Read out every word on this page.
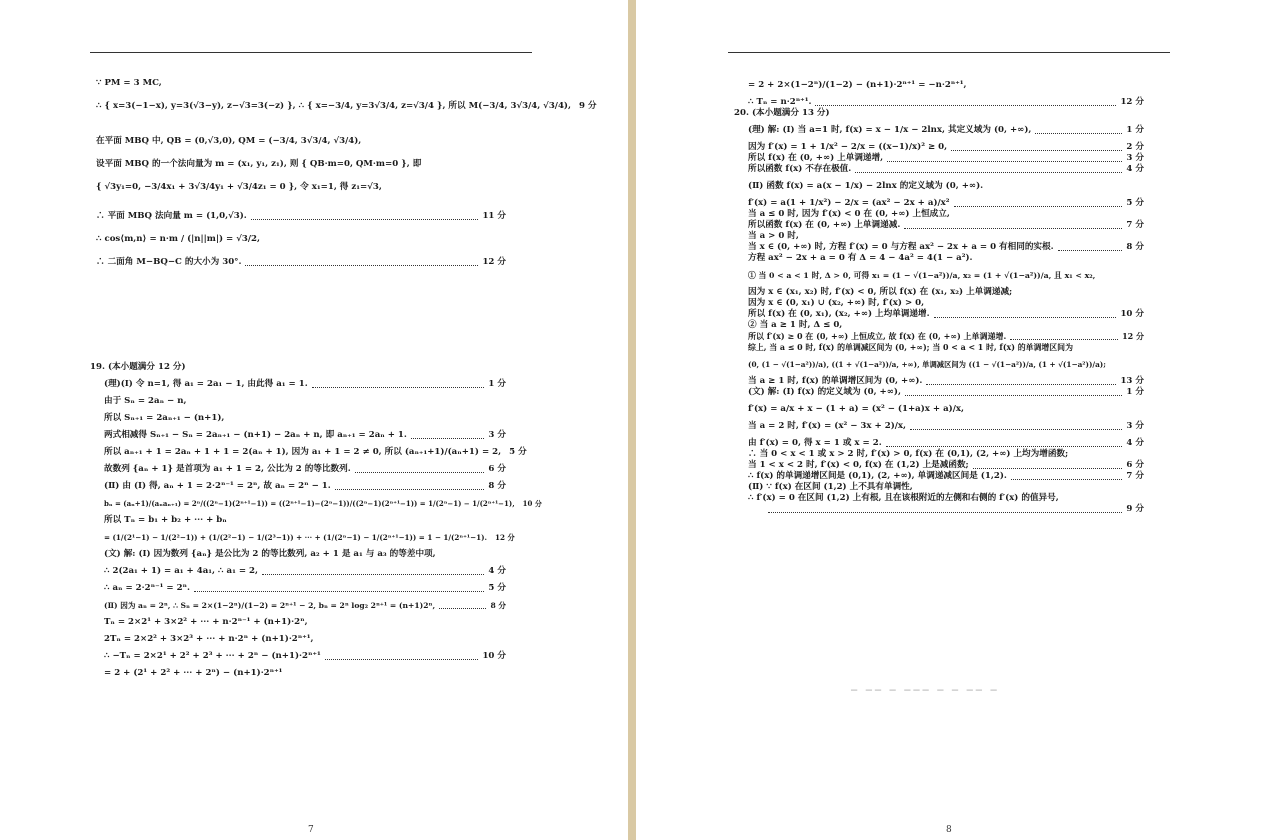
∵ PM = 3 MC,
∴ { x=3(−1−x), y=3(√3−y), z−√3=3(−z) }, ∴ { x=−3/4, y=3√3/4, z=√3/4 }, 所以 M(−3/4, 3√3/4, √3/4), 9 分
在平面 MBQ 中, QB = (0,√3,0), QM = (−3/4, 3√3/4, √3/4),
设平面 MBQ 的一个法向量为 m = (x₁, y₁, z₁), 则 { QB·m=0, QM·m=0 }, 即
{ √3y₁=0, −3/4x₁ + 3√3/4y₁ + √3/4z₁ = 0 }, 令 x₁=1, 得 z₁=√3,
∴ 平面 MBQ 法向量 m = (1,0,√3).	11 分
∴ cos⟨m,n⟩ = n·m / (|n||m|) = √3/2,
∴ 二面角 M−BQ−C 的大小为 30°.	12 分
19. (本小题满分 12 分)
(理)(Ⅰ) 令 n=1, 得 a₁ = 2a₁ − 1, 由此得 a₁ = 1.	1 分
由于 Sₙ = 2aₙ − n,
所以 Sₙ₊₁ = 2aₙ₊₁ − (n+1),
两式相减得 Sₙ₊₁ − Sₙ = 2aₙ₊₁ − (n+1) − 2aₙ + n, 即 aₙ₊₁ = 2aₙ + 1.	3 分
所以 aₙ₊₁ + 1 = 2aₙ + 1 + 1 = 2(aₙ + 1), 因为 a₁ + 1 = 2 ≠ 0, 所以 (aₙ₊₁+1)/(aₙ+1) = 2, 5 分
故数列 {aₙ + 1} 是首项为 a₁ + 1 = 2, 公比为 2 的等比数列.	6 分
(Ⅱ) 由 (Ⅰ) 得, aₙ + 1 = 2·2ⁿ⁻¹ = 2ⁿ, 故 aₙ = 2ⁿ − 1.	8 分
bₙ = (aₙ+1)/(aₙaₙ₊₁) = 2ⁿ/((2ⁿ−1)(2ⁿ⁺¹−1)) = ((2ⁿ⁺¹−1)−(2ⁿ−1))/((2ⁿ−1)(2ⁿ⁺¹−1)) = 1/(2ⁿ−1) − 1/(2ⁿ⁺¹−1), 10 分
所以 Tₙ = b₁ + b₂ + ··· + bₙ
= (1/(2¹−1) − 1/(2²−1)) + (1/(2²−1) − 1/(2³−1)) + ··· + (1/(2ⁿ−1) − 1/(2ⁿ⁺¹−1)) = 1 − 1/(2ⁿ⁺¹−1). 12 分
(文) 解: (Ⅰ) 因为数列 {aₙ} 是公比为 2 的等比数列, a₂ + 1 是 a₁ 与 a₃ 的等差中项,
∴ 2(2a₁ + 1) = a₁ + 4a₁, ∴ a₁ = 2,	4 分
∴ aₙ = 2·2ⁿ⁻¹ = 2ⁿ.	5 分
(Ⅱ) 因为 aₙ = 2ⁿ, ∴ Sₙ = 2×(1−2ⁿ)/(1−2) = 2ⁿ⁺¹ − 2, bₙ = 2ⁿ log₂ 2ⁿ⁺¹ = (n+1)2ⁿ,	8 分
Tₙ = 2×2¹ + 3×2² + ··· + n·2ⁿ⁻¹ + (n+1)·2ⁿ,
2Tₙ = 2×2² + 3×2³ + ··· + n·2ⁿ + (n+1)·2ⁿ⁺¹,
∴ −Tₙ = 2×2¹ + 2² + 2³ + ··· + 2ⁿ − (n+1)·2ⁿ⁺¹	10 分
= 2 + (2¹ + 2² + ··· + 2ⁿ) − (n+1)·2ⁿ⁺¹
7
= 2 + 2×(1−2ⁿ)/(1−2) − (n+1)·2ⁿ⁺¹ = −n·2ⁿ⁺¹,
∴ Tₙ = n·2ⁿ⁺¹.	12 分
20. (本小题满分 13 分)
(理) 解: (Ⅰ) 当 a=1 时, f(x) = x − 1/x − 2lnx, 其定义域为 (0, +∞),	1 分
因为 f′(x) = 1 + 1/x² − 2/x = ((x−1)/x)² ≥ 0,	2 分
所以 f(x) 在 (0, +∞) 上单调递增,	3 分
所以函数 f(x) 不存在极值.	4 分
(Ⅱ) 函数 f(x) = a(x − 1/x) − 2lnx 的定义域为 (0, +∞).
f′(x) = a(1 + 1/x²) − 2/x = (ax² − 2x + a)/x²	5 分
当 a ≤ 0 时, 因为 f′(x) < 0 在 (0, +∞) 上恒成立,
所以函数 f(x) 在 (0, +∞) 上单调递减.	7 分
当 a > 0 时,
当 x ∈ (0, +∞) 时, 方程 f′(x) = 0 与方程 ax² − 2x + a = 0 有相同的实根.	8 分
方程 ax² − 2x + a = 0 有 Δ = 4 − 4a² = 4(1 − a²).
① 当 0 < a < 1 时, Δ > 0, 可得 x₁ = (1 − √(1−a²))/a, x₂ = (1 + √(1−a²))/a, 且 x₁ < x₂,
因为 x ∈ (x₁, x₂) 时, f′(x) < 0, 所以 f(x) 在 (x₁, x₂) 上单调递减;
因为 x ∈ (0, x₁) ∪ (x₂, +∞) 时, f′(x) > 0,
所以 f(x) 在 (0, x₁), (x₂, +∞) 上均单调递增.	10 分
② 当 a ≥ 1 时, Δ ≤ 0,
所以 f′(x) ≥ 0 在 (0, +∞) 上恒成立, 故 f(x) 在 (0, +∞) 上单调递增.	12 分
综上, 当 a ≤ 0 时, f(x) 的单调减区间为 (0, +∞); 当 0 < a < 1 时, f(x) 的单调增区间为
(0, (1 − √(1−a²))/a), ((1 + √(1−a²))/a, +∞), 单调减区间为 ((1 − √(1−a²))/a, (1 + √(1−a²))/a);
当 a ≥ 1 时, f(x) 的单调增区间为 (0, +∞).	13 分
(文) 解: (Ⅰ) f(x) 的定义域为 (0, +∞),	1 分
f′(x) = a/x + x − (1 + a) = (x² − (1+a)x + a)/x,
当 a = 2 时, f′(x) = (x² − 3x + 2)/x,	3 分
由 f′(x) = 0, 得 x = 1 或 x = 2.	4 分
∴ 当 0 < x < 1 或 x > 2 时, f′(x) > 0, f(x) 在 (0,1), (2, +∞) 上均为增函数;
当 1 < x < 2 时, f′(x) < 0, f(x) 在 (1,2) 上是减函数;	6 分
∴ f(x) 的单调递增区间是 (0,1), (2, +∞), 单调递减区间是 (1,2).	7 分
(Ⅱ) ∵ f(x) 在区间 (1,2) 上不具有单调性,
∴ f′(x) = 0 在区间 (1,2) 上有根, 且在该根附近的左侧和右侧的 f′(x) 的值异号,
9 分
▔ ▔▔ ▔ ▔▔▔ ▔ ▔ ▔▔ ▔
8
